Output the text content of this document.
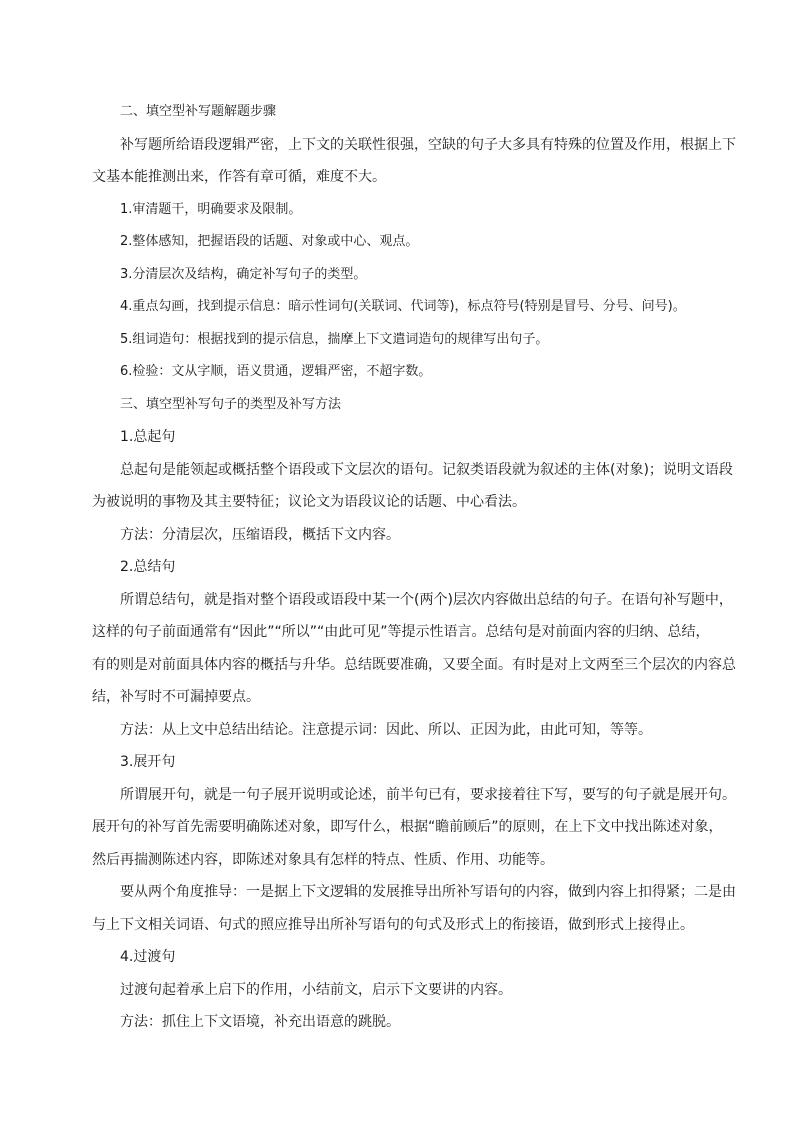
二、填空型补写题解题步骤

补写题所给语段逻辑严密，上下文的关联性很强，空缺的句子大多具有特殊的位置及作用，根据上下

文基本能推测出来，作答有章可循，难度不大。

1.审清题干，明确要求及限制。

2.整体感知，把握语段的话题、对象或中心、观点。

3.分清层次及结构，确定补写句子的类型。

4.重点勾画，找到提示信息：暗示性词句(关联词、代词等)，标点符号(特别是冒号、分号、问号)。

5.组词造句：根据找到的提示信息，揣摩上下文遣词造句的规律写出句子。

6.检验：文从字顺，语义贯通，逻辑严密，不超字数。

三、填空型补写句子的类型及补写方法

1.总起句

总起句是能领起或概括整个语段或下文层次的语句。记叙类语段就为叙述的主体(对象)；说明文语段

为被说明的事物及其主要特征；议论文为语段议论的话题、中心看法。

方法：分清层次，压缩语段，概括下文内容。

2.总结句

所谓总结句，就是指对整个语段或语段中某一个(两个)层次内容做出总结的句子。在语句补写题中，

这样的句子前面通常有“因此”“所以”“由此可见”等提示性语言。总结句是对前面内容的归纳、总结，

有的则是对前面具体内容的概括与升华。总结既要准确，又要全面。有时是对上文两至三个层次的内容总

结，补写时不可漏掉要点。

方法：从上文中总结出结论。注意提示词：因此、所以、正因为此，由此可知，等等。

3.展开句

所谓展开句，就是一句子展开说明或论述，前半句已有，要求接着往下写，要写的句子就是展开句。

展开句的补写首先需要明确陈述对象，即写什么，根据“瞻前顾后”的原则，在上下文中找出陈述对象，

然后再揣测陈述内容，即陈述对象具有怎样的特点、性质、作用、功能等。

要从两个角度推导：一是据上下文逻辑的发展推导出所补写语句的内容，做到内容上扣得紧；二是由

与上下文相关词语、句式的照应推导出所补写语句的句式及形式上的衔接语，做到形式上接得止。

4.过渡句

过渡句起着承上启下的作用，小结前文，启示下文要讲的内容。

方法：抓住上下文语境，补充出语意的跳脱。
